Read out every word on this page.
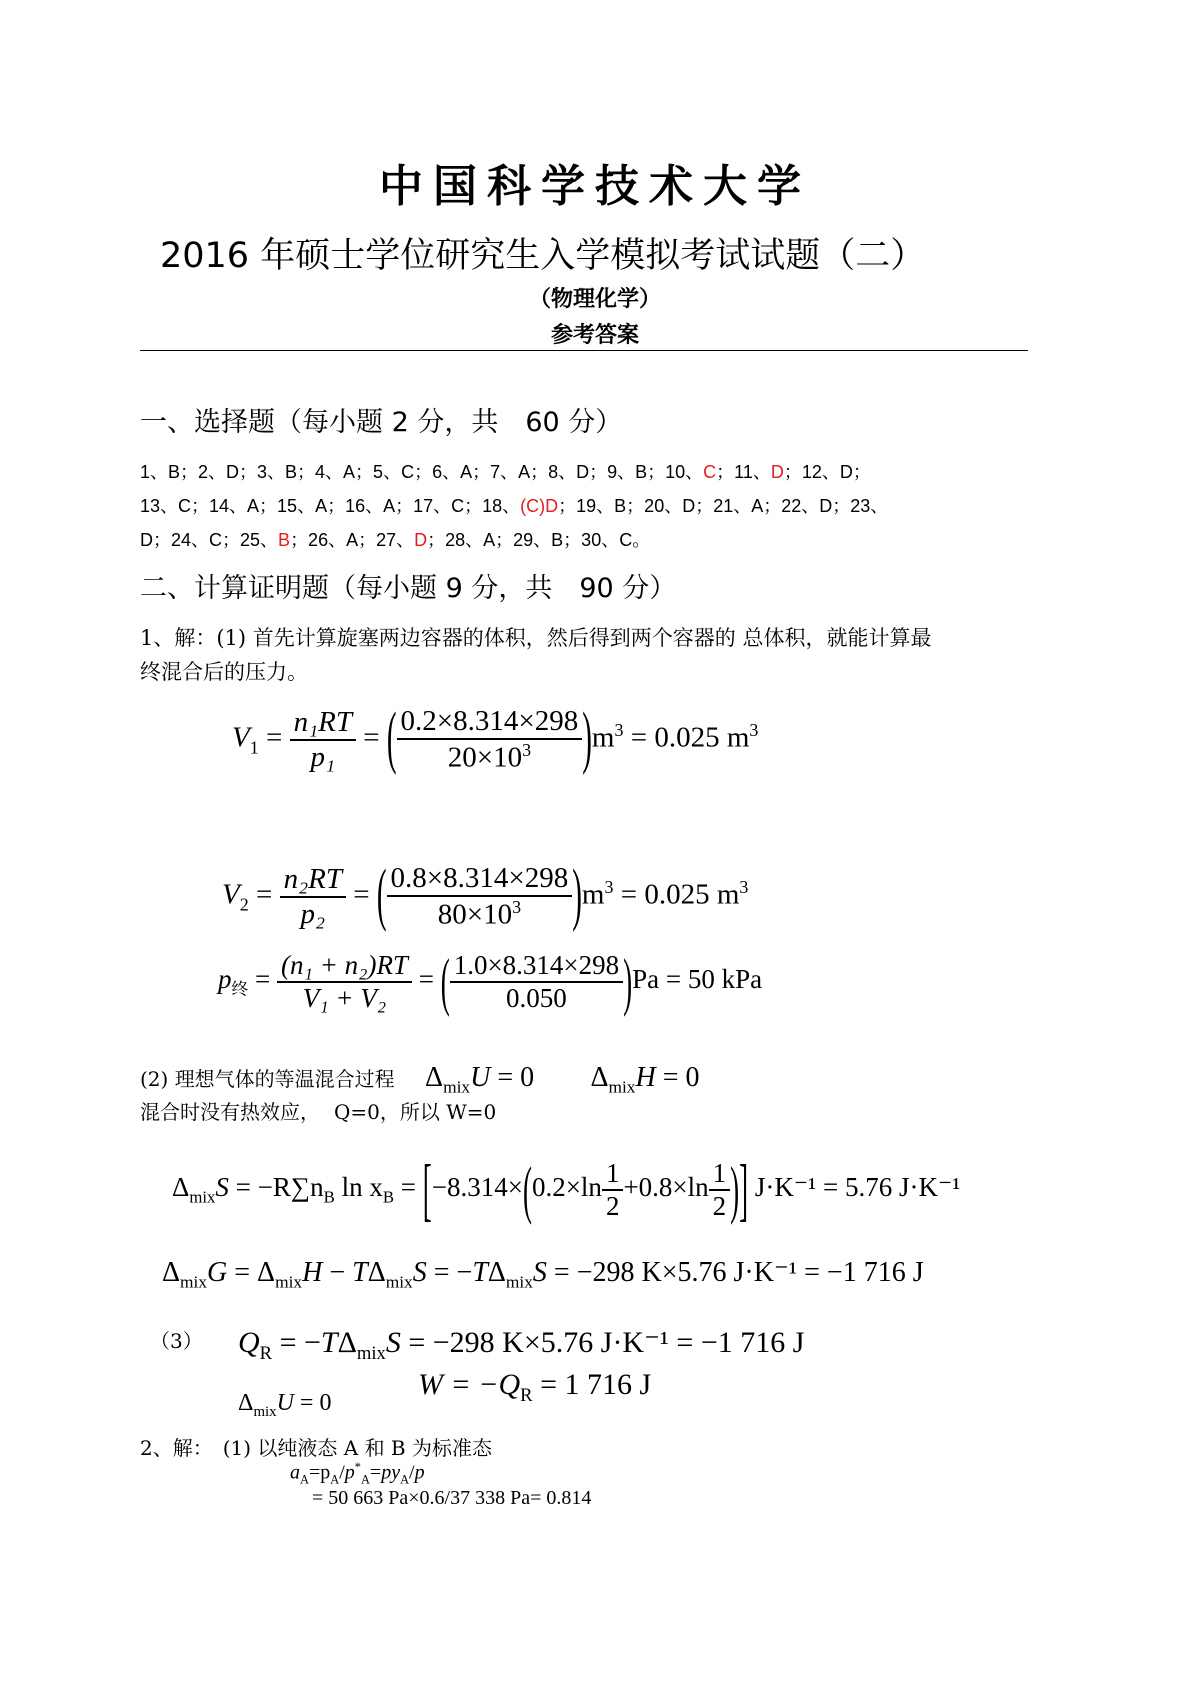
中国科学技术大学
2016 年硕士学位研究生入学模拟考试试题（二）
（物理化学）
参考答案
一、选择题（每小题 2 分，共　60 分）
1、B；2、D；3、B；4、A；5、C；6、A；7、A；8、D；9、B；10、C；11、D；12、D；
13、C；14、A；15、A；16、A；17、C；18、(C)D；19、B；20、D；21、A；22、D；23、
D；24、C；25、B；26、A；27、D；28、A；29、B；30、C。
二、计算证明题（每小题 9 分，共　90 分）
1、解：(1) 首先计算旋塞两边容器的体积，然后得到两个容器的 总体积，就能计算最
终混合后的压力。
$V_1 = \frac{\text{n₁RT}}{\text{p₁}}$ = ( $\frac{0.2\times 8.314\times 298}{20\times 10^3} )m^3 = 0.025$ $m^3$
$V_2 = \frac{\text{n₂RT}}{\text{p₂}}$ = ( $\frac{0.8\times 8.314\times 298}{80\times 10^3} )m^3 = 0.025$ $m^3$
$p_终 = \frac{\text{(n₁ + n₂)RT}}{\text{V₁ + V₂}}$ = ( $\frac{1.0\times 8.314\times 298}{0.050} )Pa = 50$ kPa
(2) 理想气体的等温混合过程 $\Delta_{mix}U = 0$ $\Delta_{mix}H = 0$
混合时没有热效应， Q=0，所以 W=0
$\Delta_{mix}S = -R\sum n_B$ $\ln x_B = [-8.314\times(0.2\times\ln \frac{1}{2} +0.8\times\ln \frac{1}{2}$ )] J·K⁻¹ = 5.76 J·K⁻¹
$\Delta_{mix}G = \Delta_{mix}H - T\Delta_{mix}S = -T\Delta_{mix}S = -298$ K×5.76 J·K⁻¹ = −1 716 J
（3） $Q_R = -T\Delta_{mix}S = -298$ K×5.76 J·K⁻¹ = −1 716 J
$W = -Q_R = 1$ 716 J
$\Delta_{mix}U = 0$
2、解：　(1) 以纯液态 A 和 B 为标准态
$a_A=p_A/p^*_A=py_A/p$
= 50 663 Pa×0.6/37 338 Pa= 0.814
